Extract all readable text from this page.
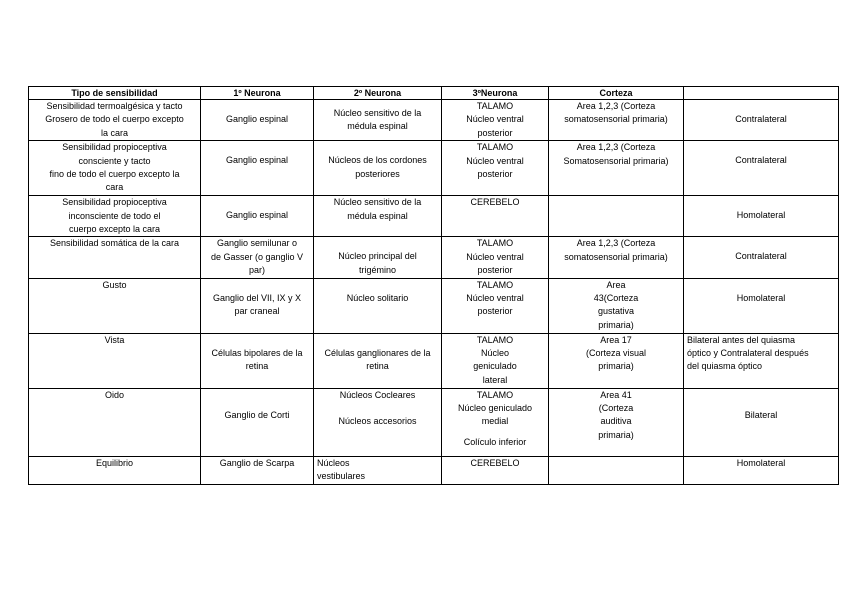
Tipo de sensibilidad	1º Neurona	2º Neurona	3ºNeurona	Corteza	

Sensibilidad termoalgésica y tacto
Grosero de todo el cuerpo excepto
la cara	Ganglio espinal	Núcleo sensitivo de la
médula espinal	TALAMO
Núcleo ventral
posterior	Area 1,2,3 (Corteza
somatosensorial primaria)	Contralateral

Sensibilidad propioceptiva
consciente y tacto
fino de todo el cuerpo excepto la
cara	Ganglio espinal	Núcleos de los cordones
posteriores	TALAMO
Núcleo ventral
posterior	Area 1,2,3 (Corteza
Somatosensorial primaria)	Contralateral

Sensibilidad propioceptiva
inconsciente de todo el
cuerpo excepto la cara	Ganglio espinal	Núcleo sensitivo de la
médula espinal	CEREBELO		Homolateral

Sensibilidad somática de la cara	Ganglio semilunar o
de Gasser (o ganglio V
par)	Núcleo principal del
trigémino	TALAMO
Núcleo ventral
posterior	Area 1,2,3 (Corteza
somatosensorial primaria)	Contralateral

Gusto	Ganglio del VII, IX y X
par craneal	Núcleo solitario	TALAMO
Núcleo ventral
posterior	Area
43(Corteza
gustativa
primaria)	Homolateral

Vista	Células bipolares de la
retina	Células ganglionares de la
retina	TALAMO
Núcleo
geniculado
lateral	Area 17
(Corteza visual
primaria)	Bilateral antes del quiasma
óptico y Contralateral después
del quiasma óptico

Oido	Ganglio de Corti	Núcleos Cocleares
Núcleos accesorios	TALAMO
Núcleo geniculado
medial
Colículo inferior	Area 41
(Corteza
auditiva
primaria)	Bilateral

Equilibrio	Ganglio de Scarpa	Núcleos
vestibulares	CEREBELO		Homolateral
